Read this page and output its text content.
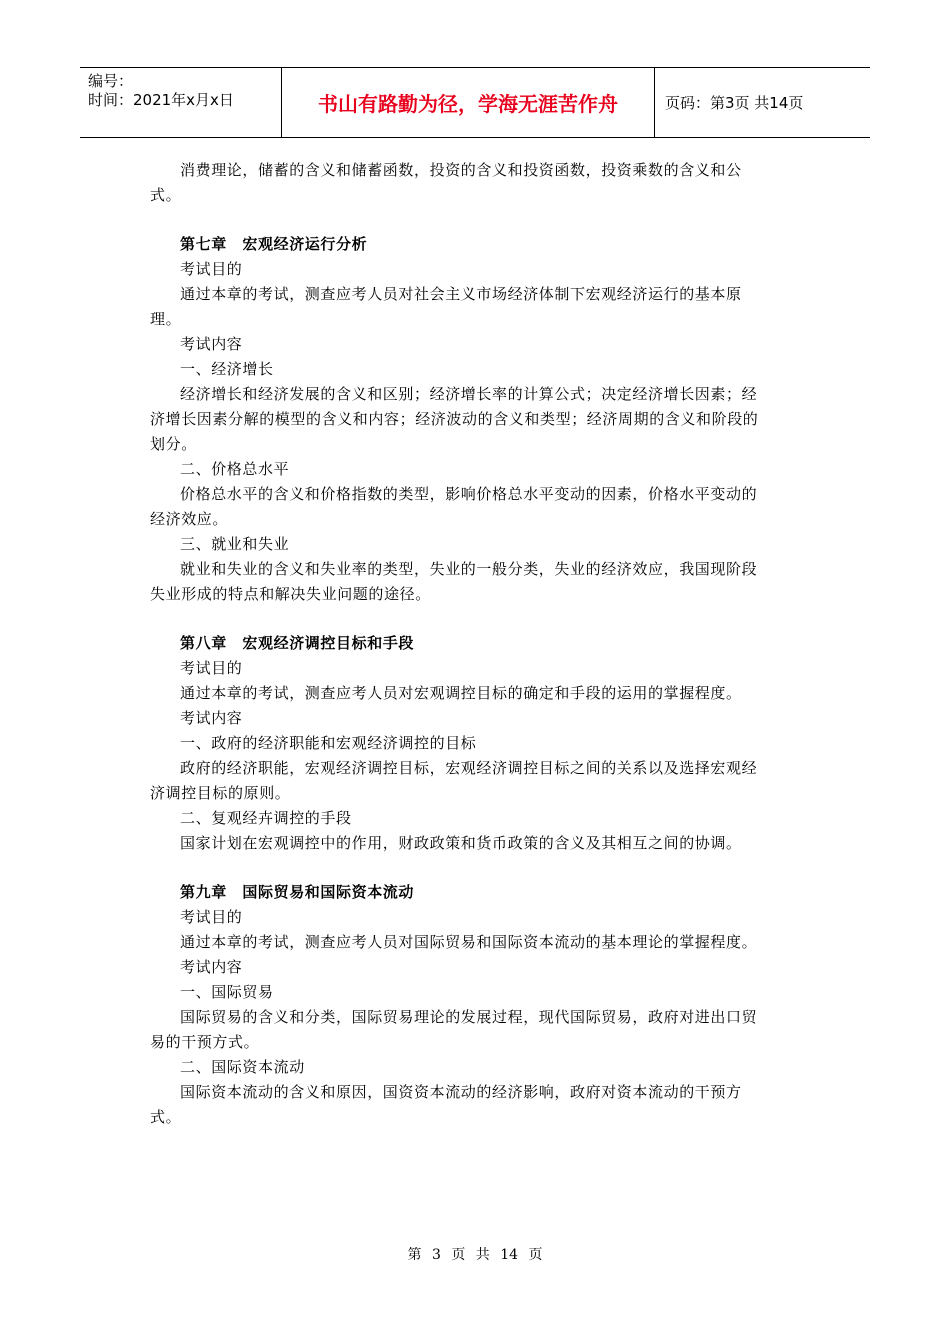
编号：
时间：2021年x月x日	书山有路勤为径，学海无涯苦作舟	页码：第3页 共14页

消费理论，储蓄的含义和储蓄函数，投资的含义和投资函数，投资乘数的含义和公式。

第七章　宏观经济运行分析

考试目的

通过本章的考试，测查应考人员对社会主义市场经济体制下宏观经济运行的基本原理。

考试内容

一、经济增长

经济增长和经济发展的含义和区别；经济增长率的计算公式；决定经济增长因素；经济增长因素分解的模型的含义和内容；经济波动的含义和类型；经济周期的含义和阶段的划分。

二、价格总水平

价格总水平的含义和价格指数的类型，影响价格总水平变动的因素，价格水平变动的经济效应。

三、就业和失业

就业和失业的含义和失业率的类型，失业的一般分类，失业的经济效应，我国现阶段失业形成的特点和解决失业问题的途径。

第八章　宏观经济调控目标和手段

考试目的

通过本章的考试，测查应考人员对宏观调控目标的确定和手段的运用的掌握程度。

考试内容

一、政府的经济职能和宏观经济调控的目标

政府的经济职能，宏观经济调控目标，宏观经济调控目标之间的关系以及选择宏观经济调控目标的原则。

二、复观经卉调控的手段

国家计划在宏观调控中的作用，财政政策和货币政策的含义及其相互之间的协调。

第九章　国际贸易和国际资本流动

考试目的

通过本章的考试，测查应考人员对国际贸易和国际资本流动的基本理论的掌握程度。

考试内容

一、国际贸易

国际贸易的含义和分类，国际贸易理论的发展过程，现代国际贸易，政府对进出口贸易的干预方式。

二、国际资本流动

国际资本流动的含义和原因，国资资本流动的经济影响，政府对资本流动的干预方式。

第 3 页 共 14 页
